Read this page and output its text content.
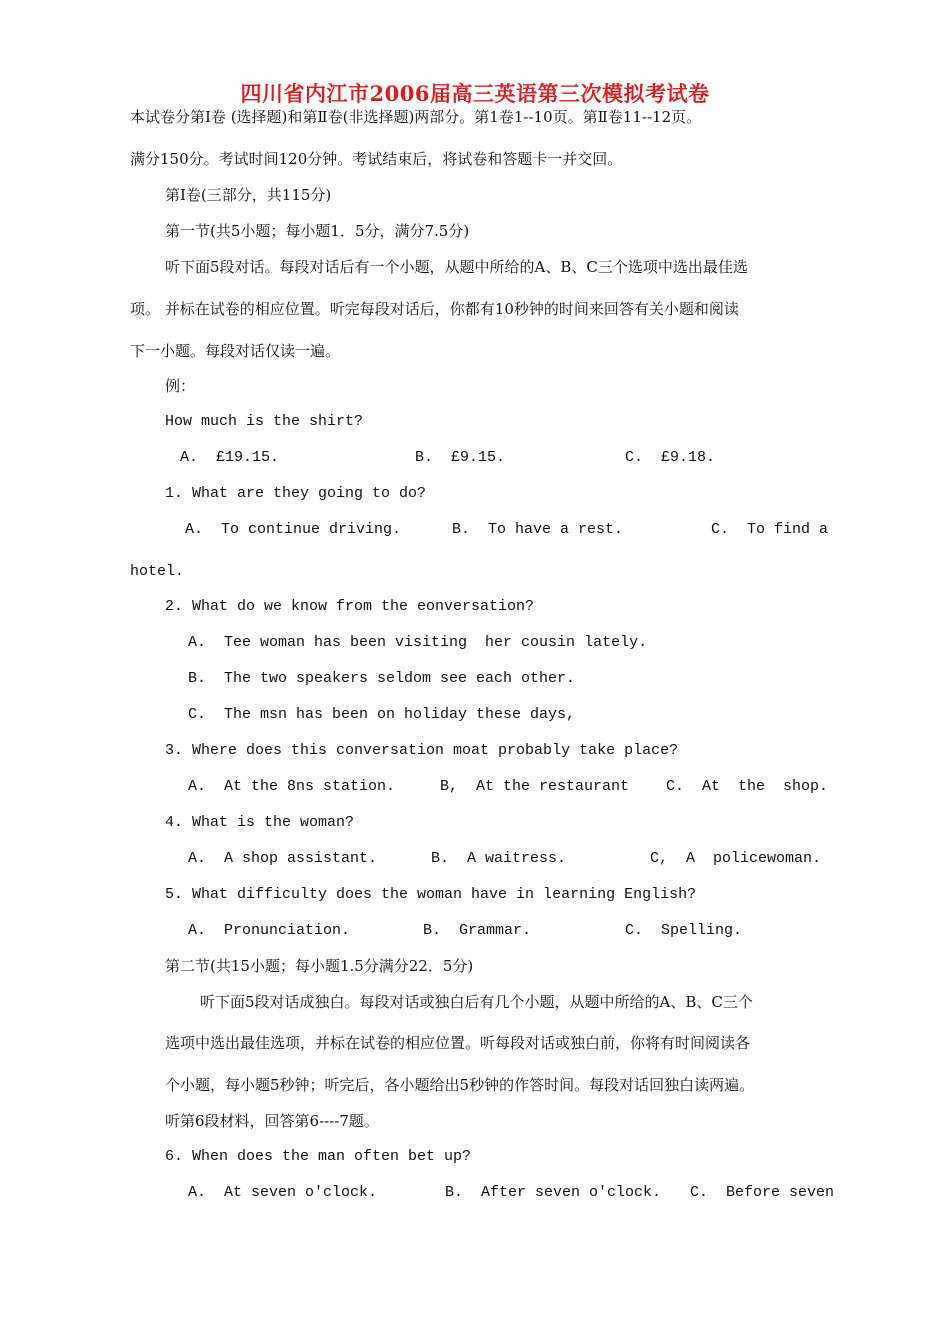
四川省内江市2006届高三英语第三次模拟考试卷
本试卷分第Ⅰ卷 (选择题)和第Ⅱ卷(非选择题)两部分。第1卷1--10页。第Ⅱ卷11--12页。
满分150分。考试时间120分钟。考试结束后，将试卷和答题卡一并交回。
第Ⅰ卷(三部分，共115分)
第一节(共5小题；每小题1．5分，满分7.5分)
听下面5段对话。每段对话后有一个小题，从题中所给的A、B、C三个选项中选出最佳选
项。 并标在试卷的相应位置。听完每段对话后，你都有10秒钟的时间来回答有关小题和阅读
下一小题。每段对话仅读一遍。
例：
How much is the shirt?
A.  £19.15.	B.  £9.15.	C.  £9.18.
1. What are they going to do?
A.  To continue driving.	B.  To have a rest.	C.  To find a
hotel.
2. What do we know from the eonversation?
A.  Tee woman has been visiting  her cousin lately.
B.  The two speakers seldom see each other.
C.  The msn has been on holiday these days,
3. Where does this conversation moat probably take place?
A.  At the 8ns station.	B,  At the restaurant C.  At  the  shop.
4. What is the woman?
A.  A shop assistant.	B.  A waitress.	C,  A  policewoman.
5. What difficulty does the woman have in learning English?
A.  Pronunciation.	B.  Grammar.	C.  Spelling.
第二节(共15小题；每小题1.5分满分22．5分)
听下面5段对话成独白。每段对话或独白后有几个小题，从题中所给的A、B、C三个
选项中选出最佳选项，并标在试卷的相应位置。听每段对话或独白前，你将有时间阅读各
个小题，每小题5秒钟；听完后，各小题给出5秒钟的作答时间。每段对话回独白读两遍。
听第6段材料，回答第6----7题。
6. When does the man often bet up?
A.  At seven o'clock.	B.  After seven o'clock. C.  Before seven
